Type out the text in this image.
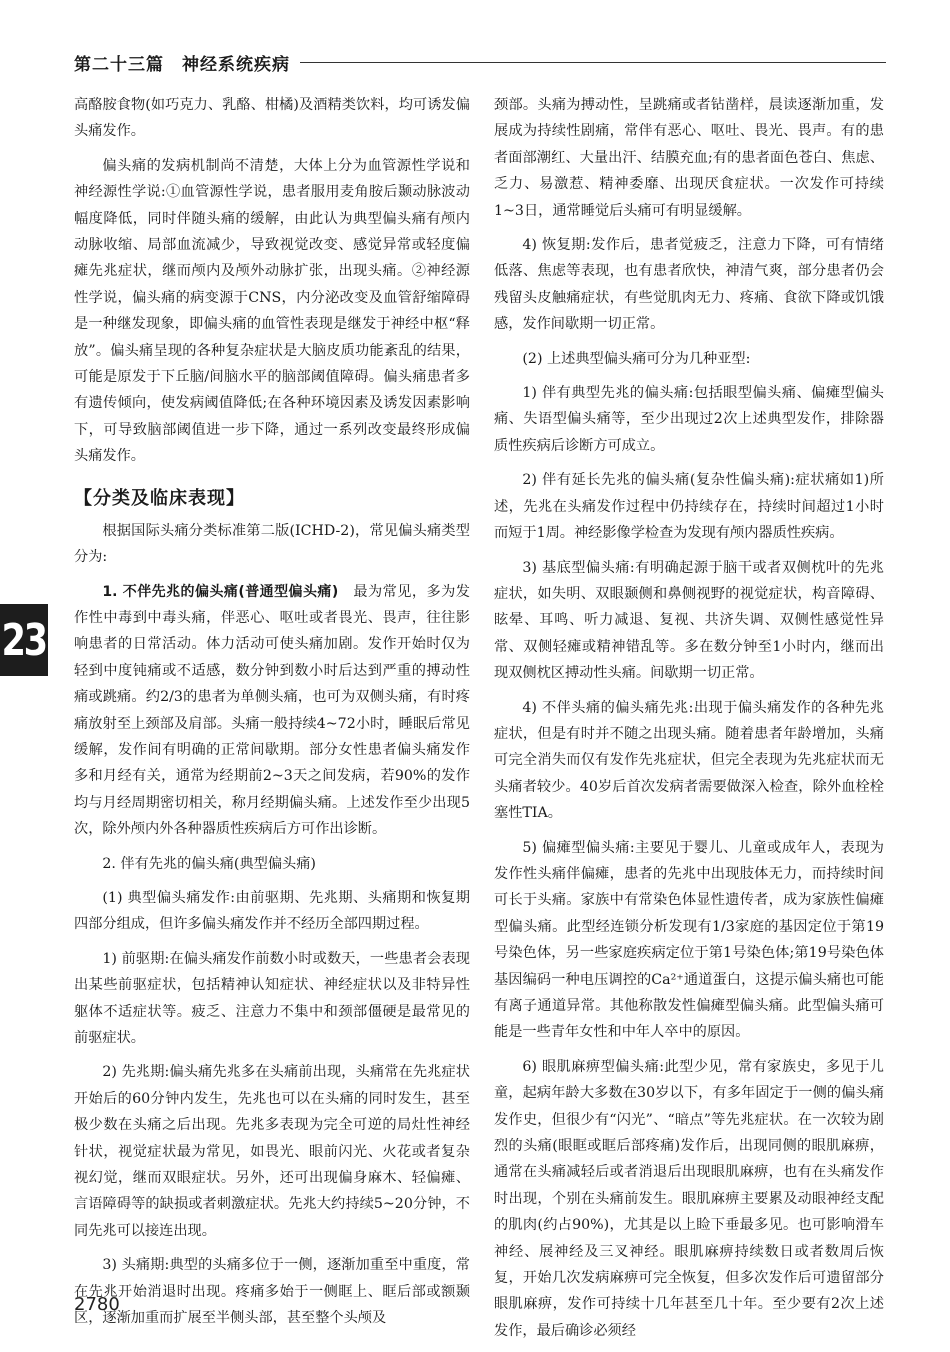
第二十三篇 神经系统疾病

高酪胺食物(如巧克力、乳酪、柑橘)及酒精类饮料，均可诱发偏头痛发作。

偏头痛的发病机制尚不清楚，大体上分为血管源性学说和神经源性学说:①血管源性学说，患者服用麦角胺后颞动脉波动幅度降低，同时伴随头痛的缓解，由此认为典型偏头痛有颅内动脉收缩、局部血流减少，导致视觉改变、感觉异常或轻度偏瘫先兆症状，继而颅内及颅外动脉扩张，出现头痛。②神经源性学说，偏头痛的病变源于CNS，内分泌改变及血管舒缩障碍是一种继发现象，即偏头痛的血管性表现是继发于神经中枢“释放”。偏头痛呈现的各种复杂症状是大脑皮质功能紊乱的结果，可能是原发于下丘脑/间脑水平的脑部阈值障碍。偏头痛患者多有遗传倾向，使发病阈值降低;在各种环境因素及诱发因素影响下，可导致脑部阈值进一步下降，通过一系列改变最终形成偏头痛发作。

【分类及临床表现】

根据国际头痛分类标准第二版(ICHD-2)，常见偏头痛类型分为:

1. 不伴先兆的偏头痛(普通型偏头痛)　最为常见，多为发作性中毒到中毒头痛，伴恶心、呕吐或者畏光、畏声，往往影响患者的日常活动。体力活动可使头痛加剧。发作开始时仅为轻到中度钝痛或不适感，数分钟到数小时后达到严重的搏动性痛或跳痛。约2/3的患者为单侧头痛，也可为双侧头痛，有时疼痛放射至上颈部及肩部。头痛一般持续4~72小时，睡眠后常见缓解，发作间有明确的正常间歇期。部分女性患者偏头痛发作多和月经有关，通常为经期前2~3天之间发病，若90%的发作均与月经周期密切相关，称月经期偏头痛。上述发作至少出现5次，除外颅内外各种器质性疾病后方可作出诊断。

2. 伴有先兆的偏头痛(典型偏头痛)

(1) 典型偏头痛发作:由前驱期、先兆期、头痛期和恢复期四部分组成，但许多偏头痛发作并不经历全部四期过程。

1) 前驱期:在偏头痛发作前数小时或数天，一些患者会表现出某些前驱症状，包括精神认知症状、神经症状以及非特异性躯体不适症状等。疲乏、注意力不集中和颈部僵硬是最常见的前驱症状。

2) 先兆期:偏头痛先兆多在头痛前出现，头痛常在先兆症状开始后的60分钟内发生，先兆也可以在头痛的同时发生，甚至极少数在头痛之后出现。先兆多表现为完全可逆的局灶性神经针状，视觉症状最为常见，如畏光、眼前闪光、火花或者复杂视幻觉，继而双眼症状。另外，还可出现偏身麻木、轻偏瘫、言语障碍等的缺损或者刺激症状。先兆大约持续5~20分钟，不同先兆可以接连出现。

3) 头痛期:典型的头痛多位于一侧，逐渐加重至中重度，常在先兆开始消退时出现。疼痛多始于一侧眶上、眶后部或额颞区，逐渐加重而扩展至半侧头部，甚至整个头颅及

颈部。头痛为搏动性，呈跳痛或者钻凿样，晨读逐渐加重，发展成为持续性剧痛，常伴有恶心、呕吐、畏光、畏声。有的患者面部潮红、大量出汗、结膜充血;有的患者面色苍白、焦虑、乏力、易激惹、精神委靡、出现厌食症状。一次发作可持续1~3日，通常睡觉后头痛可有明显缓解。

4) 恢复期:发作后，患者觉疲乏，注意力下降，可有情绪低落、焦虑等表现，也有患者欣快，神清气爽，部分患者仍会残留头皮触痛症状，有些觉肌肉无力、疼痛、食欲下降或饥饿感，发作间歇期一切正常。

(2) 上述典型偏头痛可分为几种亚型:

1) 伴有典型先兆的偏头痛:包括眼型偏头痛、偏瘫型偏头痛、失语型偏头痛等，至少出现过2次上述典型发作，排除器质性疾病后诊断方可成立。

2) 伴有延长先兆的偏头痛(复杂性偏头痛):症状痛如1)所述，先兆在头痛发作过程中仍持续存在，持续时间超过1小时而短于1周。神经影像学检查为发现有颅内器质性疾病。

3) 基底型偏头痛:有明确起源于脑干或者双侧枕叶的先兆症状，如失明、双眼颞侧和鼻侧视野的视觉症状，构音障碍、眩晕、耳鸣、听力减退、复视、共济失调、双侧性感觉性异常、双侧轻瘫或精神错乱等。多在数分钟至1小时内，继而出现双侧枕区搏动性头痛。间歇期一切正常。

4) 不伴头痛的偏头痛先兆:出现于偏头痛发作的各种先兆症状，但是有时并不随之出现头痛。随着患者年龄增加，头痛可完全消失而仅有发作先兆症状，但完全表现为先兆症状而无头痛者较少。40岁后首次发病者需要做深入检查，除外血栓栓塞性TIA。

5) 偏瘫型偏头痛:主要见于婴儿、儿童或成年人，表现为发作性头痛伴偏瘫，患者的先兆中出现肢体无力，而持续时间可长于头痛。家族中有常染色体显性遗传者，成为家族性偏瘫型偏头痛。此型经连锁分析发现有1/3家庭的基因定位于第19号染色体，另一些家庭疾病定位于第1号染色体;第19号染色体基因编码一种电压调控的Ca²⁺通道蛋白，这提示偏头痛也可能有离子通道异常。其他称散发性偏瘫型偏头痛。此型偏头痛可能是一些青年女性和中年人卒中的原因。

6) 眼肌麻痹型偏头痛:此型少见，常有家族史，多见于儿童，起病年龄大多数在30岁以下，有多年固定于一侧的偏头痛发作史，但很少有“闪光”、“暗点”等先兆症状。在一次较为剧烈的头痛(眼眶或眶后部疼痛)发作后，出现同侧的眼肌麻痹，通常在头痛减轻后或者消退后出现眼肌麻痹，也有在头痛发作时出现，个别在头痛前发生。眼肌麻痹主要累及动眼神经支配的肌肉(约占90%)，尤其是以上睑下垂最多见。也可影响滑车神经、展神经及三叉神经。眼肌麻痹持续数日或者数周后恢复，开始几次发病麻痹可完全恢复，但多次发作后可遗留部分眼肌麻痹，发作可持续十几年甚至几十年。至少要有2次上述发作，最后确诊必须经

23
2780
